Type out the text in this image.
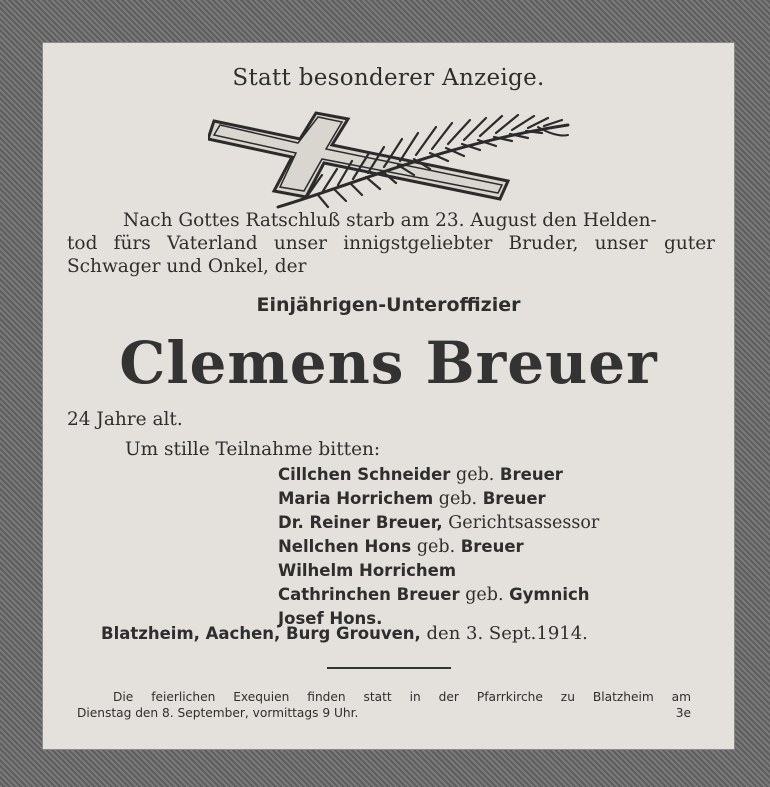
Statt besonderer Anzeige.
Nach Gottes Ratschluß starb am 23. August den Helden-
tod fürs Vaterland unser innigstgeliebter Bruder, unser guter
Schwager und Onkel, der
Einjährigen-Unteroffizier
Clemens Breuer
24 Jahre alt.
Um stille Teilnahme bitten:
Cillchen Schneider geb. Breuer
Maria Horrichem geb. Breuer
Dr. Reiner Breuer, Gerichtsassessor
Nellchen Hons geb. Breuer
Wilhelm Horrichem
Cathrinchen Breuer geb. Gymnich
Josef Hons.
Blatzheim, Aachen, Burg Grouven, den 3. Sept.1914.
Die feierlichen Exequien finden statt in der Pfarrkirche zu Blatzheim am
Dienstag den 8. September, vormittags 9 Uhr.	3e
